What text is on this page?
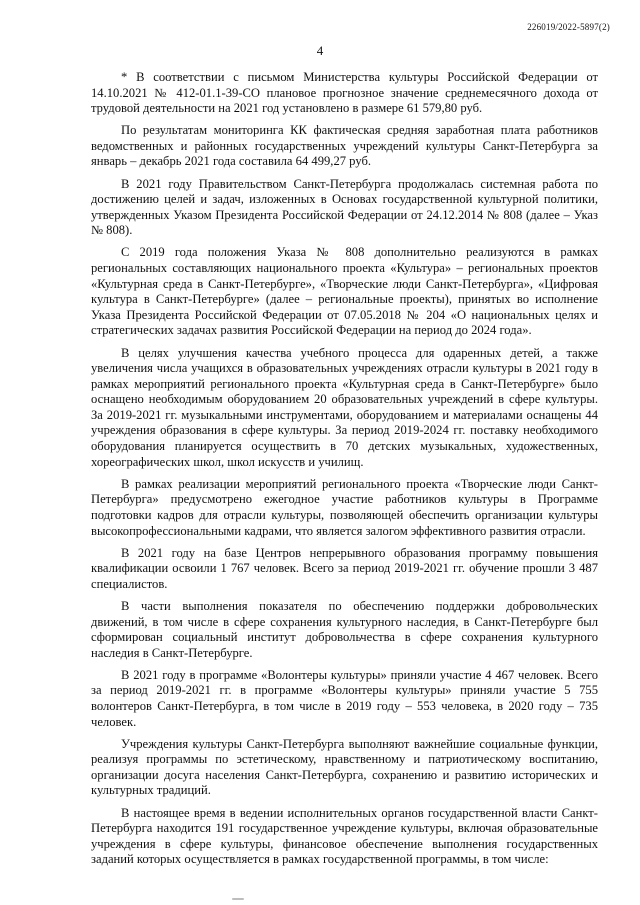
226019/2022-5897(2)
4

* В соответствии с письмом Министерства культуры Российской Федерации от 14.10.2021 № 412-01.1-39-СО плановое прогнозное значение среднемесячного дохода от трудовой деятельности на 2021 год установлено в размере 61 579,80 руб.

По результатам мониторинга КК фактическая средняя заработная плата работников ведомственных и районных государственных учреждений культуры Санкт-Петербурга за январь – декабрь 2021 года составила 64 499,27 руб.

В 2021 году Правительством Санкт-Петербурга продолжалась системная работа по достижению целей и задач, изложенных в Основах государственной культурной политики, утвержденных Указом Президента Российской Федерации от 24.12.2014 № 808 (далее – Указ № 808).

С 2019 года положения Указа № 808 дополнительно реализуются в рамках региональных составляющих национального проекта «Культура» – региональных проектов «Культурная среда в Санкт-Петербурге», «Творческие люди Санкт-Петербурга», «Цифровая культура в Санкт-Петербурге» (далее – региональные проекты), принятых во исполнение Указа Президента Российской Федерации от 07.05.2018 № 204 «О национальных целях и стратегических задачах развития Российской Федерации на период до 2024 года».

В целях улучшения качества учебного процесса для одаренных детей, а также увеличения числа учащихся в образовательных учреждениях отрасли культуры в 2021 году в рамках мероприятий регионального проекта «Культурная среда в Санкт-Петербурге» было оснащено необходимым оборудованием 20 образовательных учреждений в сфере культуры. За 2019-2021 гг. музыкальными инструментами, оборудованием и материалами оснащены 44 учреждения образования в сфере культуры. За период 2019-2024 гг. поставку необходимого оборудования планируется осуществить в 70 детских музыкальных, художественных, хореографических школ, школ искусств и училищ.

В рамках реализации мероприятий регионального проекта «Творческие люди Санкт-Петербурга» предусмотрено ежегодное участие работников культуры в Программе подготовки кадров для отрасли культуры, позволяющей обеспечить организации культуры высокопрофессиональными кадрами, что является залогом эффективного развития отрасли.

В 2021 году на базе Центров непрерывного образования программу повышения квалификации освоили 1 767 человек. Всего за период 2019-2021 гг. обучение прошли 3 487 специалистов.

В части выполнения показателя по обеспечению поддержки добровольческих движений, в том числе в сфере сохранения культурного наследия, в Санкт-Петербурге был сформирован социальный институт добровольчества в сфере сохранения культурного наследия в Санкт-Петербурге.

В 2021 году в программе «Волонтеры культуры» приняли участие 4 467 человек. Всего за период 2019-2021 гг. в программе «Волонтеры культуры» приняли участие 5 755 волонтеров Санкт-Петербурга, в том числе в 2019 году – 553 человека, в 2020 году – 735 человек.

Учреждения культуры Санкт-Петербурга выполняют важнейшие социальные функции, реализуя программы по эстетическому, нравственному и патриотическому воспитанию, организации досуга населения Санкт-Петербурга, сохранению и развитию исторических и культурных традиций.

В настоящее время в ведении исполнительных органов государственной власти Санкт-Петербурга находится 191 государственное учреждение культуры, включая образовательные учреждения в сфере культуры, финансовое обеспечение выполнения государственных заданий которых осуществляется в рамках государственной программы, в том числе:
